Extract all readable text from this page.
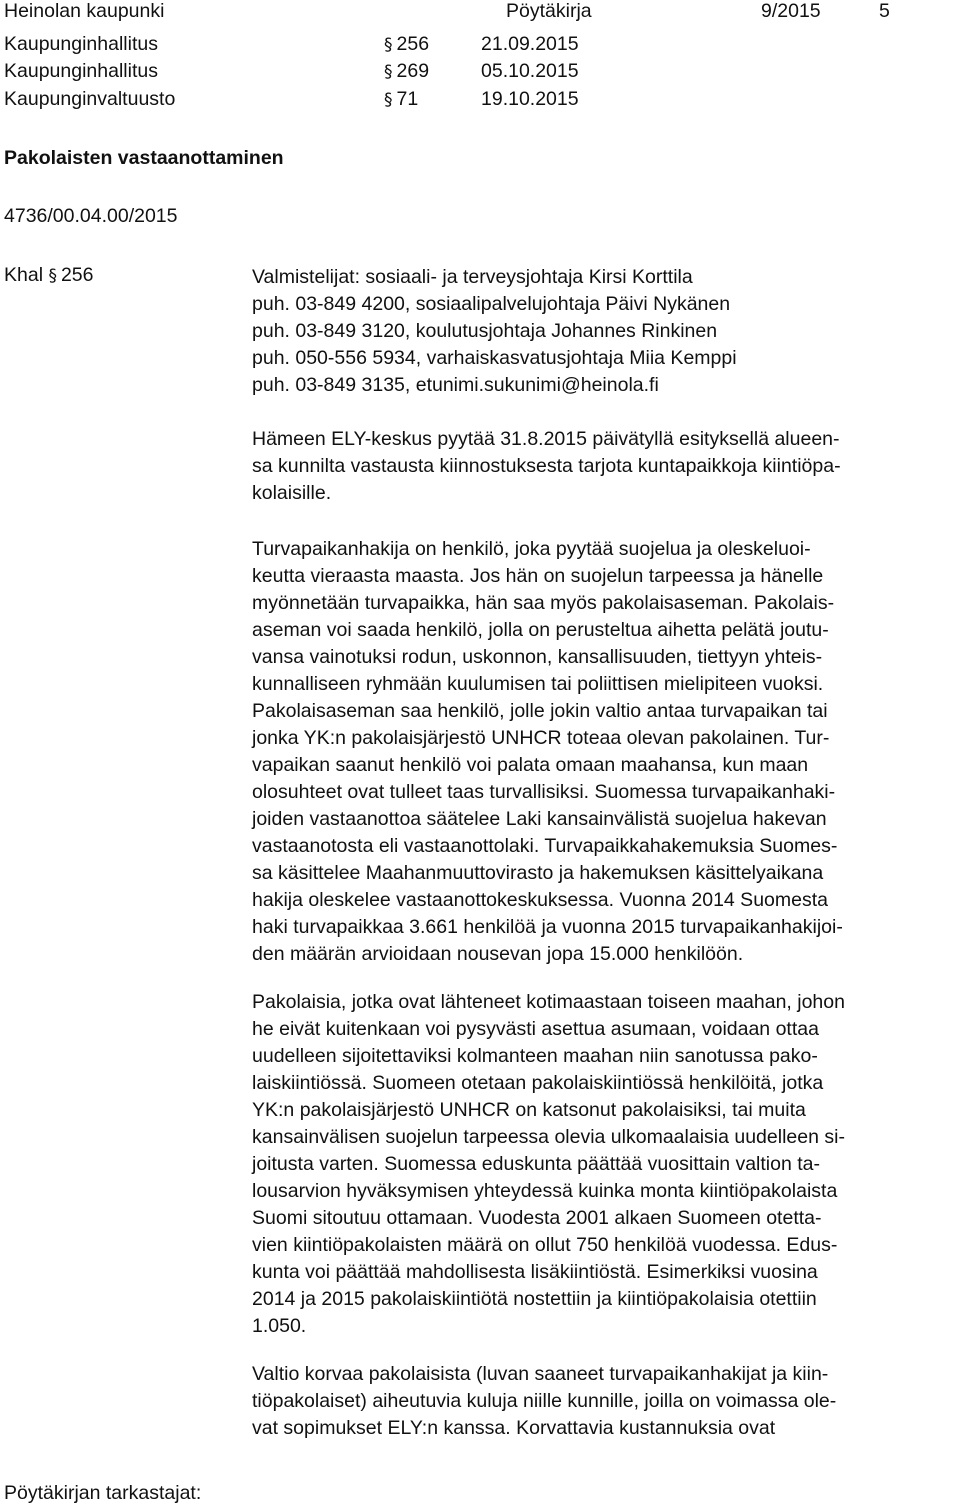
Heinolan kaupunki	Pöytäkirja	9/2015	5
Kaupunginhallitus	§ 256	21.09.2015
Kaupunginhallitus	§ 269	05.10.2015
Kaupunginvaltuusto	§ 71	19.10.2015
Pakolaisten vastaanottaminen
4736/00.04.00/2015
Khal § 256	Valmistelijat: sosiaali- ja terveysjohtaja Kirsi Korttila
puh. 03-849 4200, sosiaalipalvelujohtaja Päivi Nykänen
puh. 03-849 3120, koulutusjohtaja Johannes Rinkinen
puh. 050-556 5934, varhaiskasvatusjohtaja Miia Kemppi
puh. 03-849 3135, etunimi.sukunimi@heinola.fi
Hämeen ELY-keskus pyytää 31.8.2015 päivätyllä esityksellä alueen-
sa kunnilta vastausta kiinnostuksesta tarjota kuntapaikkoja kiintiöpa-
kolaisille.
Turvapaikanhakija on henkilö, joka pyytää suojelua ja oleskeluoi-
keutta vieraasta maasta. Jos hän on suojelun tarpeessa ja hänelle
myönnetään turvapaikka, hän saa myös pakolaisaseman. Pakolais-
aseman voi saada henkilö, jolla on perusteltua aihetta pelätä joutu-
vansa vainotuksi rodun, uskonnon, kansallisuuden, tiettyyn yhteis-
kunnalliseen ryhmään kuulumisen tai poliittisen mielipiteen vuoksi.
Pakolaisaseman saa henkilö, jolle jokin valtio antaa turvapaikan tai
jonka YK:n pakolaisjärjestö UNHCR toteaa olevan pakolainen. Tur-
vapaikan saanut henkilö voi palata omaan maahansa, kun maan
olosuhteet ovat tulleet taas turvallisiksi. Suomessa turvapaikanhaki-
joiden vastaanottoa säätelee Laki kansainvälistä suojelua hakevan
vastaanotosta eli vastaanottolaki. Turvapaikkahakemuksia Suomes-
sa käsittelee Maahanmuuttovirasto ja hakemuksen käsittelyaikana
hakija oleskelee vastaanottokeskuksessa. Vuonna 2014 Suomesta
haki turvapaikkaa 3.661 henkilöä ja vuonna 2015 turvapaikanhakijoi-
den määrän arvioidaan nousevan jopa 15.000 henkilöön.
Pakolaisia, jotka ovat lähteneet kotimaastaan toiseen maahan, johon
he eivät kuitenkaan voi pysyvästi asettua asumaan, voidaan ottaa
uudelleen sijoitettaviksi kolmanteen maahan niin sanotussa pako-
laiskiintiössä. Suomeen otetaan pakolaiskiintiössä henkilöitä, jotka
YK:n pakolaisjärjestö UNHCR on katsonut pakolaisiksi, tai muita
kansainvälisen suojelun tarpeessa olevia ulkomaalaisia uudelleen si-
joitusta varten. Suomessa eduskunta päättää vuosittain valtion ta-
lousarvion hyväksymisen yhteydessä kuinka monta kiintiöpakolaista
Suomi sitoutuu ottamaan. Vuodesta 2001 alkaen Suomeen otetta-
vien kiintiöpakolaisten määrä on ollut 750 henkilöä vuodessa. Edus-
kunta voi päättää mahdollisesta lisäkiintiöstä. Esimerkiksi vuosina
2014 ja 2015 pakolaiskiintiötä nostettiin ja kiintiöpakolaisia otettiin
1.050.
Valtio korvaa pakolaisista (luvan saaneet turvapaikanhakijat ja kiin-
tiöpakolaiset) aiheutuvia kuluja niille kunnille, joilla on voimassa ole-
vat sopimukset ELY:n kanssa. Korvattavia kustannuksia ovat
Pöytäkirjan tarkastajat:
